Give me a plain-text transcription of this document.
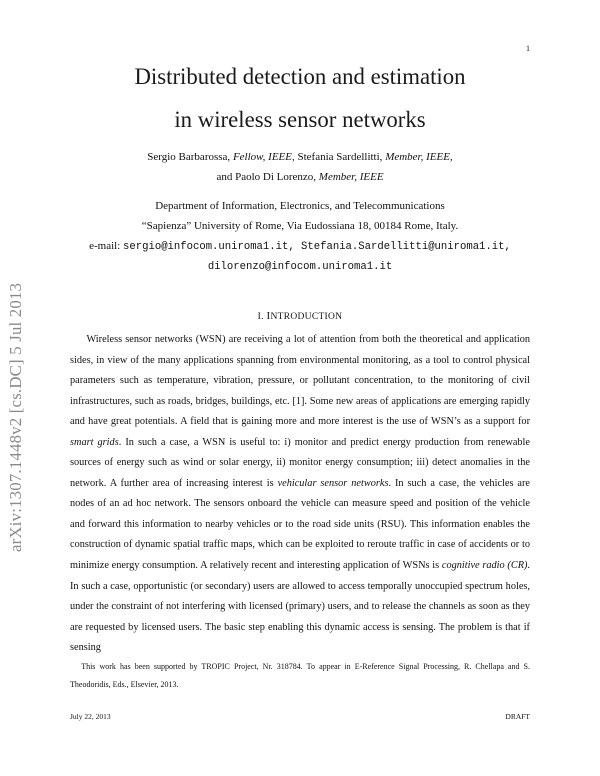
1
arXiv:1307.1448v2 [cs.DC] 5 Jul 2013
Distributed detection and estimation
in wireless sensor networks
Sergio Barbarossa, Fellow, IEEE, Stefania Sardellitti, Member, IEEE,
and Paolo Di Lorenzo, Member, IEEE
Department of Information, Electronics, and Telecommunications
“Sapienza” University of Rome, Via Eudossiana 18, 00184 Rome, Italy.
e-mail: sergio@infocom.uniroma1.it, Stefania.Sardellitti@uniroma1.it,
dilorenzo@infocom.uniroma1.it
I. INTRODUCTION

Wireless sensor networks (WSN) are receiving a lot of attention from both the theoretical and application sides, in view of the many applications spanning from environmental monitoring, as a tool to control physical parameters such as temperature, vibration, pressure, or pollutant concentration, to the monitoring of civil infrastructures, such as roads, bridges, buildings, etc. [1]. Some new areas of applications are emerging rapidly and have great potentials. A field that is gaining more and more interest is the use of WSN’s as a support for smart grids. In such a case, a WSN is useful to: i) monitor and predict energy production from renewable sources of energy such as wind or solar energy, ii) monitor energy consumption; iii) detect anomalies in the network. A further area of increasing interest is vehicular sensor networks. In such a case, the vehicles are nodes of an ad hoc network. The sensors onboard the vehicle can measure speed and position of the vehicle and forward this information to nearby vehicles or to the road side units (RSU). This information enables the construction of dynamic spatial traffic maps, which can be exploited to reroute traffic in case of accidents or to minimize energy consumption. A relatively recent and interesting application of WSNs is cognitive radio (CR). In such a case, opportunistic (or secondary) users are allowed to access temporally unoccupied spectrum holes, under the constraint of not interfering with licensed (primary) users, and to release the channels as soon as they are requested by licensed users. The basic step enabling this dynamic access is sensing. The problem is that if sensing

This work has been supported by TROPIC Project, Nr. 318784. To appear in E-Reference Signal Processing, R. Chellapa and S. Theodoridis, Eds., Elsevier, 2013.

July 22, 2013	DRAFT
